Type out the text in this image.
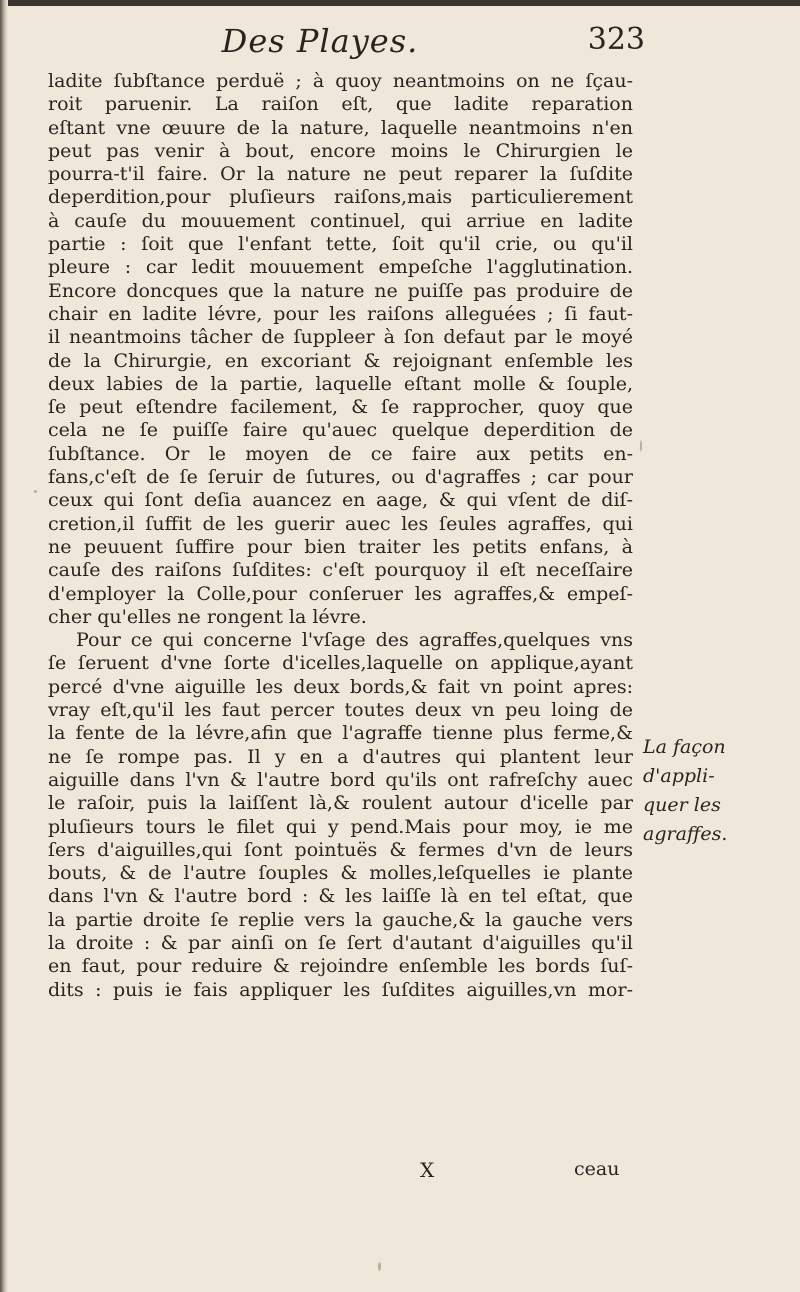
Des Playes.	323
ladite ſubſtance perduë ; à quoy neantmoins on ne ſçau-
roit paruenir. La raiſon eſt, que ladite reparation
eſtant vne œuure de la nature, laquelle neantmoins n'en
peut pas venir à bout, encore moins le Chirurgien le
pourra-t'il faire. Or la nature ne peut reparer la ſuſdite
deperdition,pour pluſieurs raiſons,mais particulierement
à cauſe du mouuement continuel, qui arriue en ladite
partie : ſoit que l'enfant tette, ſoit qu'il crie, ou qu'il
pleure : car ledit mouuement empeſche l'agglutination.
Encore doncques que la nature ne puiſſe pas produire de
chair en ladite lévre, pour les raiſons alleguées ; ſi faut-
il neantmoins tâcher de ſuppleer à ſon defaut par le moyé
de la Chirurgie, en excoriant & rejoignant enſemble les
deux labies de la partie, laquelle eſtant molle & ſouple,
ſe peut eſtendre facilement, & ſe rapprocher, quoy que
cela ne ſe puiſſe faire qu'auec quelque deperdition de
ſubſtance. Or le moyen de ce faire aux petits en-
fans,c'eſt de ſe ſeruir de ſutures, ou d'agraffes ; car pour
ceux qui ſont deſia auancez en aage, & qui vſent de diſ-
cretion,il ſuffit de les guerir auec les ſeules agraffes, qui
ne peuuent ſuffire pour bien traiter les petits enfans, à
cauſe des raiſons ſuſdites: c'eſt pourquoy il eſt neceſſaire
d'employer la Colle,pour conſeruer les agraffes,& empeſ-
cher qu'elles ne rongent la lévre.
Pour ce qui concerne l'vſage des agraffes,quelques vns
ſe ſeruent d'vne ſorte d'icelles,laquelle on applique,ayant
percé d'vne aiguille les deux bords,& fait vn point apres:
vray eſt,qu'il les faut percer toutes deux vn peu loing de
la fente de la lévre,afin que l'agraffe tienne plus ferme,&
ne ſe rompe pas. Il y en a d'autres qui plantent leur
aiguille dans l'vn & l'autre bord qu'ils ont rafreſchy auec
le raſoir, puis la laiſſent là,& roulent autour d'icelle par
pluſieurs tours le filet qui y pend.Mais pour moy, ie me
ſers d'aiguilles,qui ſont pointuës & fermes d'vn de leurs
bouts, & de l'autre ſouples & molles,leſquelles ie plante
dans l'vn & l'autre bord : & les laiſſe là en tel eſtat, que
la partie droite ſe replie vers la gauche,& la gauche vers
la droite : & par ainſi on ſe ſert d'autant d'aiguilles qu'il
en faut, pour reduire & rejoindre enſemble les bords ſuſ-
dits : puis ie fais appliquer les ſuſdites aiguilles,vn mor-
La façon
d'appli-
quer les
agraffes.
X	ceau
